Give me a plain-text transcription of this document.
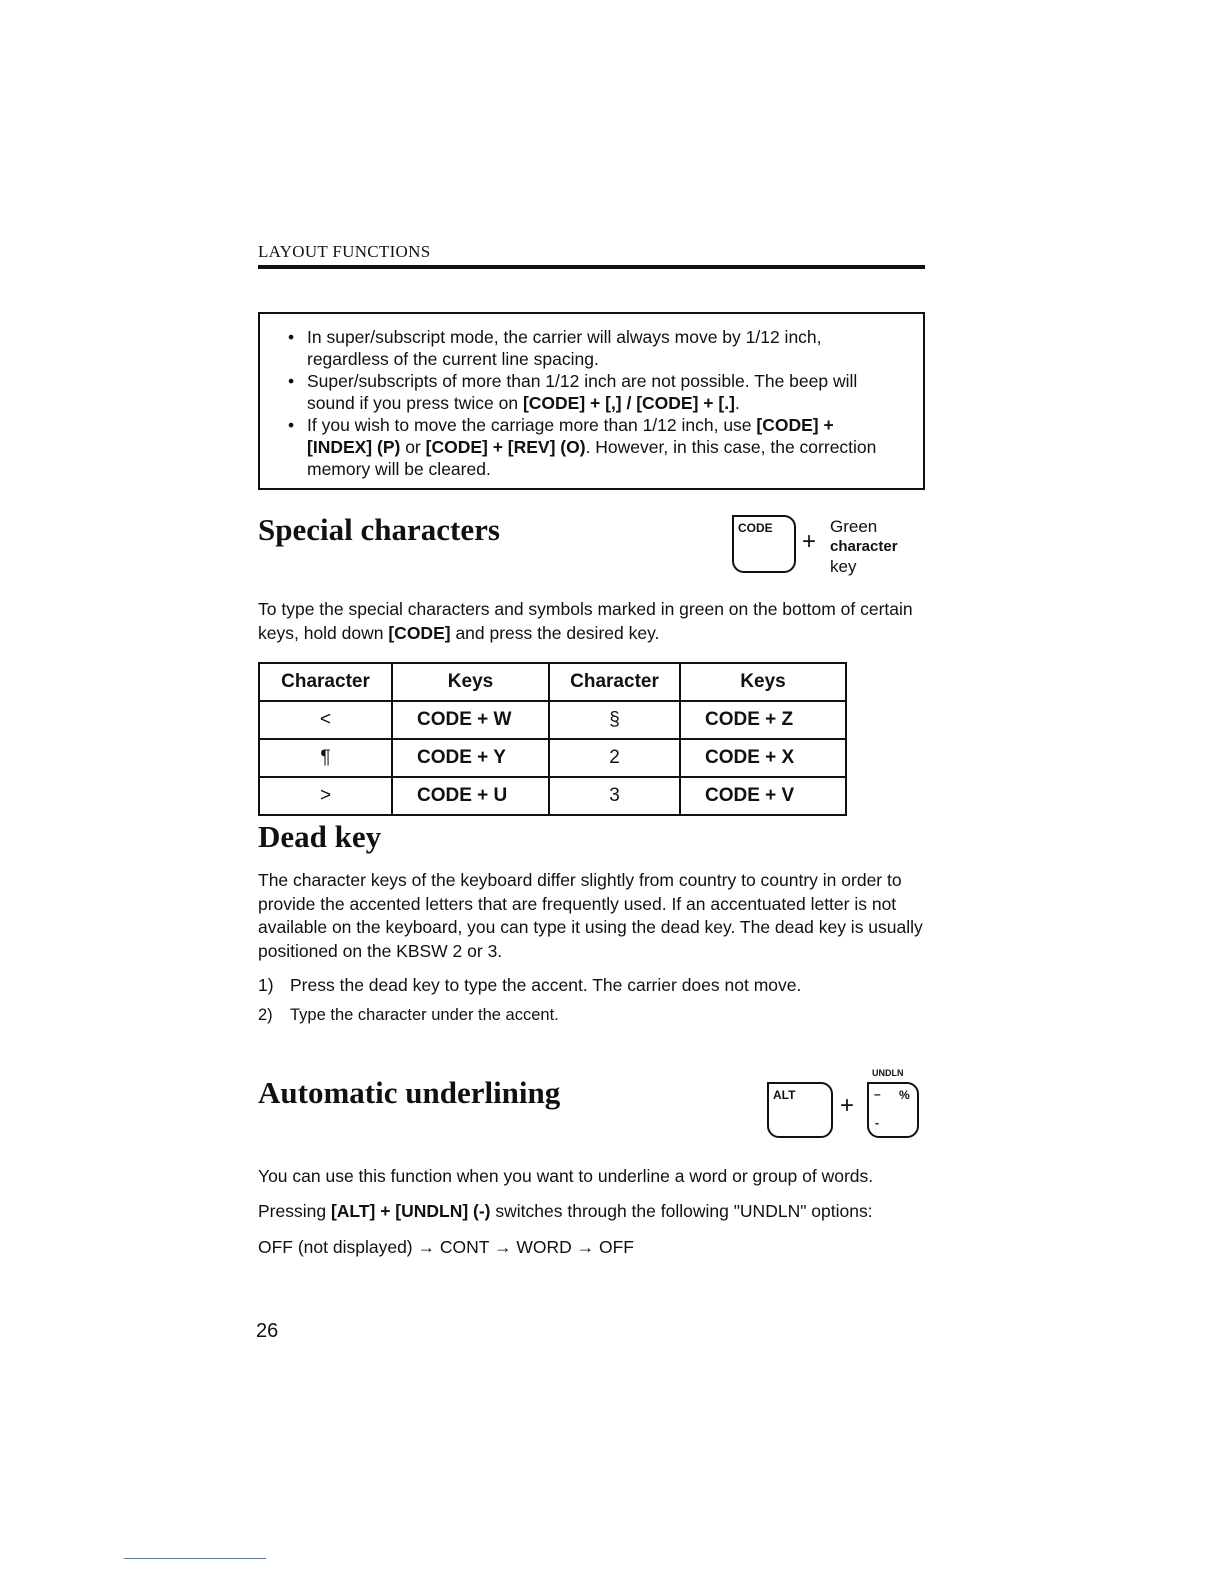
LAYOUT FUNCTIONS
• In super/subscript mode, the carrier will always move by 1/12 inch, regardless of the current line spacing.
• Super/subscripts of more than 1/12 inch are not possible. The beep will sound if you press twice on [CODE] + [,] / [CODE] + [.].
• If you wish to move the carriage more than 1/12 inch, use [CODE] + [INDEX] (P) or [CODE] + [REV] (O). However, in this case, the correction memory will be cleared.
Special characters	CODE +
Green
character
key
To type the special characters and symbols marked in green on the bottom of certain keys, hold down [CODE] and press the desired key.
Character	Keys	Character	Keys
<	CODE + W	§	CODE + Z
¶	CODE + Y	2	CODE + X
>	CODE + U	3	CODE + V
Dead key
The character keys of the keyboard differ slightly from country to country in order to provide the accented letters that are frequently used. If an accentuated letter is not available on the keyboard, you can type it using the dead key. The dead key is usually positioned on the KBSW 2 or 3.
1) Press the dead key to type the accent. The carrier does not move.
2) Type the character under the accent.
Automatic underlining	ALT +
UNDLN
– %
-
You can use this function when you want to underline a word or group of words.
Pressing [ALT] + [UNDLN] (-) switches through the following "UNDLN" options:
OFF (not displayed) → CONT → WORD → OFF
26
